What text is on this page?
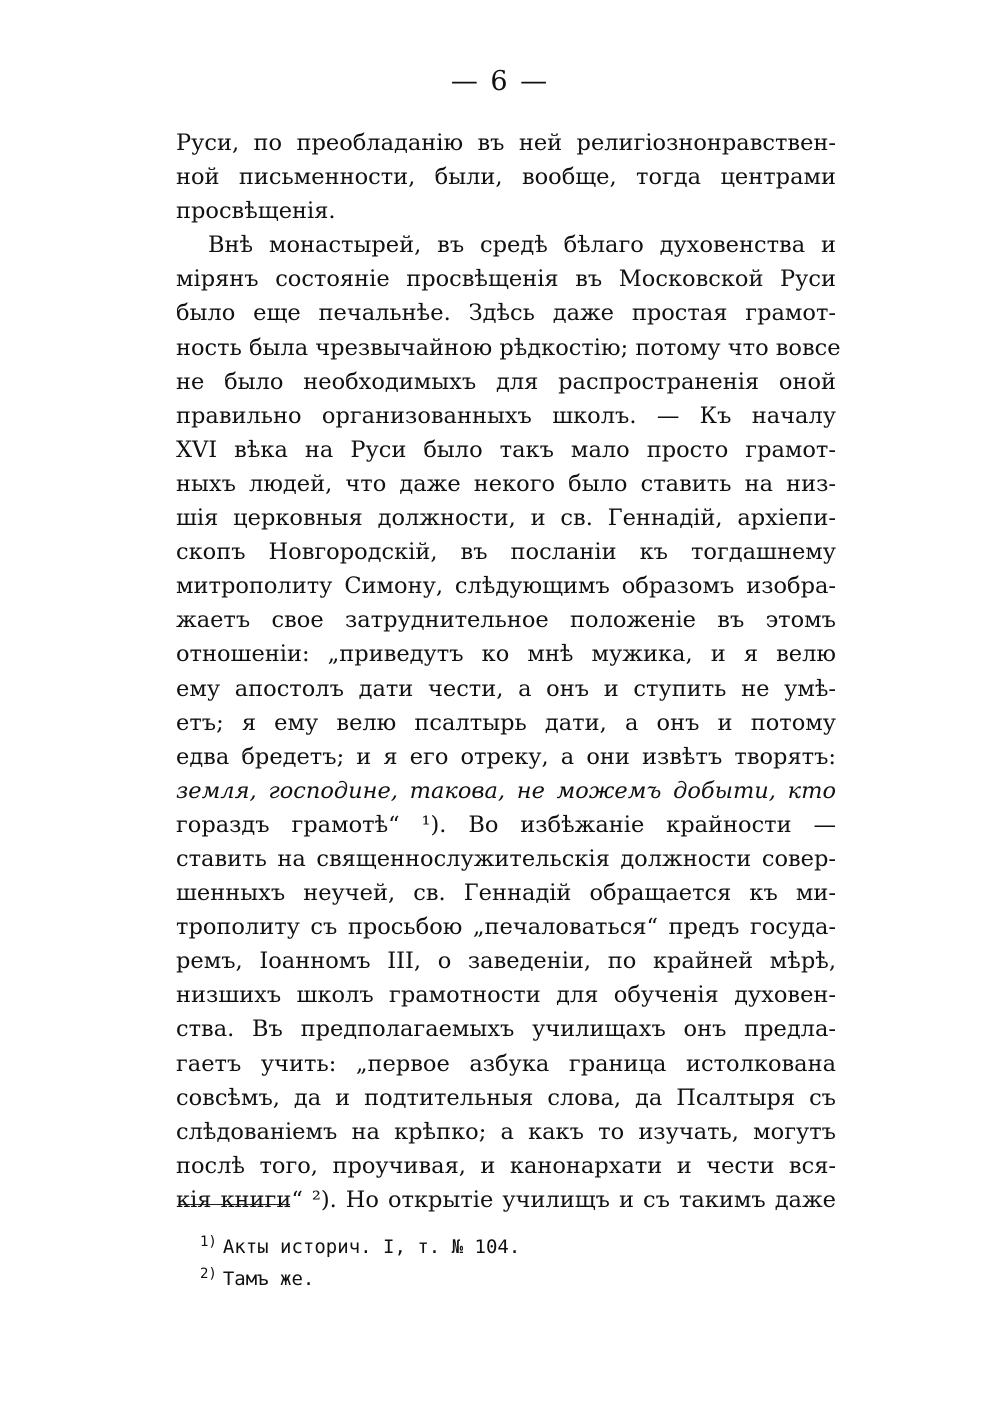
— 6 —
Руси, по преобладанію въ ней религіознонравствен-
ной письменности, были, вообще, тогда центрами
просвѣщенія.
Внѣ монастырей, въ средѣ бѣлаго духовенства и
мірянъ состояніе просвѣщенія въ Московской Руси
было еще печальнѣе. Здѣсь даже простая грамот-
ность была чрезвычайною рѣдкостію; потому что вовсе
не было необходимыхъ для распространенія оной
правильно организованныхъ школъ. — Къ началу
XVI вѣка на Руси было такъ мало просто грамот-
ныхъ людей, что даже некого было ставить на низ-
шія церковныя должности, и св. Геннадій, архіепи-
скопъ Новгородскій, въ посланіи къ тогдашнему
митрополиту Симону, слѣдующимъ образомъ изобра-
жаетъ свое затруднительное положеніе въ этомъ
отношеніи: „приведутъ ко мнѣ мужика, и я велю
ему апостолъ дати чести, а онъ и ступить не умѣ-
етъ; я ему велю псалтырь дати, а онъ и потому
едва бредетъ; и я его отреку, а они извѣтъ творятъ:
земля, господине, такова, не можемъ добыти, кто
гораздъ грамотѣ“ ¹). Во избѣжаніе крайности —
ставить на священнослужительскія должности совер-
шенныхъ неучей, св. Геннадій обращается къ ми-
трополиту съ просьбою „печаловаться“ предъ госуда-
ремъ, Іоанномъ III, о заведеніи, по крайней мѣрѣ,
низшихъ школъ грамотности для обученія духовен-
ства. Въ предполагаемыхъ училищахъ онъ предла-
гаетъ учить: „первое азбука граница истолкована
совсѣмъ, да и подтительныя слова, да Псалтыря съ
слѣдованіемъ на крѣпко; а какъ то изучать, могутъ
послѣ того, проучивая, и канонархати и чести вся-
кія книги“ ²). Но открытіе училищъ и съ такимъ даже
$^{1)}$ Акты историч. I, т. № 104.
$^{2)}$ Тамъ же.
